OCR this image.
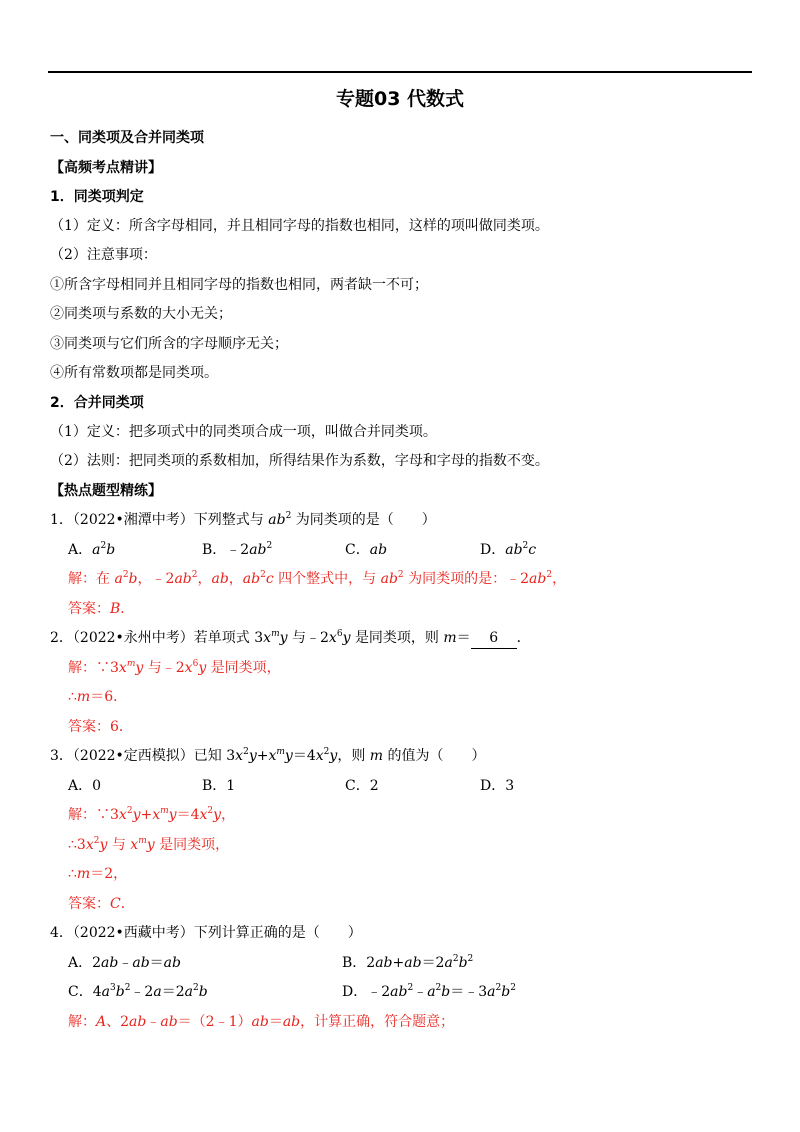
专题03 代数式
一、同类项及合并同类项
【高频考点精讲】
1．同类项判定
（1）定义：所含字母相同，并且相同字母的指数也相同，这样的项叫做同类项。
（2）注意事项：
①所含字母相同并且相同字母的指数也相同，两者缺一不可；
②同类项与系数的大小无关；
③同类项与它们所含的字母顺序无关；
④所有常数项都是同类项。
2．合并同类项
（1）定义：把多项式中的同类项合成一项，叫做合并同类项。
（2）法则：把同类项的系数相加，所得结果作为系数，字母和字母的指数不变。
【热点题型精练】
1．（2022•湘潭中考）下列整式与 $ab^2$ 为同类项的是（　　）
A．$a^2b$	B．$﹣2ab^2$	C．ab	D．$ab^2c$
解：在 $a^2b$，$﹣2ab^2$，ab，$ab^2c$ 四个整式中，与 $ab^2$ 为同类项的是：$﹣2ab^2$，
答案：B．
2．（2022•永州中考）若单项式 $3x^my$ 与$﹣2x^6y$ 是同类项，则 m＝ 6 ．
解：$\because 3x^my$ 与$﹣2x^6y$ 是同类项，
∴m＝6．
答案：6．
3．（2022•定西模拟）已知 $3x^2y+x^my=4x^2y$，则 m 的值为（　　）
A．0	B．1	C．2	D．3
解：$\because 3x^2y+x^my=4x^2y$，
$\therefore 3x^2y$ 与 $x^my$ 是同类项，
∴m＝2，
答案：C．
4．（2022•西藏中考）下列计算正确的是（　　）
A．2ab﹣ab＝ab	B．$2ab+ab=2a^2b^2$
C．$4a^3b^2﹣2a=2a^2b$	D．$﹣2ab^2﹣a^2b=﹣3a^2b^2$
解：A、2ab﹣ab＝（2﹣1）ab＝ab，计算正确，符合题意；
